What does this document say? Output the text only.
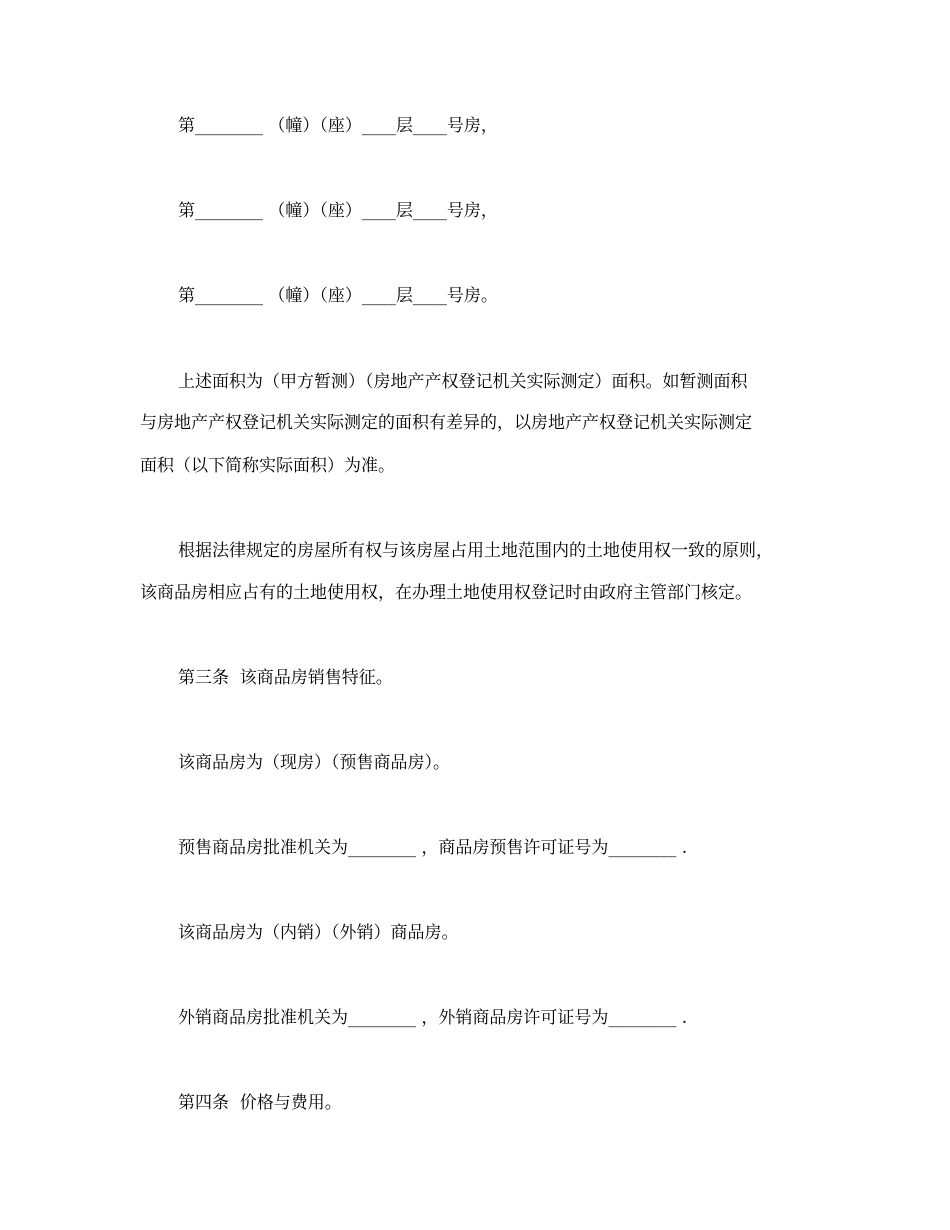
第________ （幢）（座）____层____号房，
第________ （幢）（座）____层____号房，
第________ （幢）（座）____层____号房。
上述面积为（甲方暂测）（房地产产权登记机关实际测定）面积。如暂测面积
与房地产产权登记机关实际测定的面积有差异的，以房地产产权登记机关实际测定
面积（以下简称实际面积）为准。
根据法律规定的房屋所有权与该房屋占用土地范围内的土地使用权一致的原则，
该商品房相应占有的土地使用权，在办理土地使用权登记时由政府主管部门核定。
第三条  该商品房销售特征。
该商品房为（现房）（预售商品房）。
预售商品房批准机关为________ ，商品房预售许可证号为________ .
该商品房为（内销）（外销）商品房。
外销商品房批准机关为________ ，外销商品房许可证号为________ .
第四条  价格与费用。
